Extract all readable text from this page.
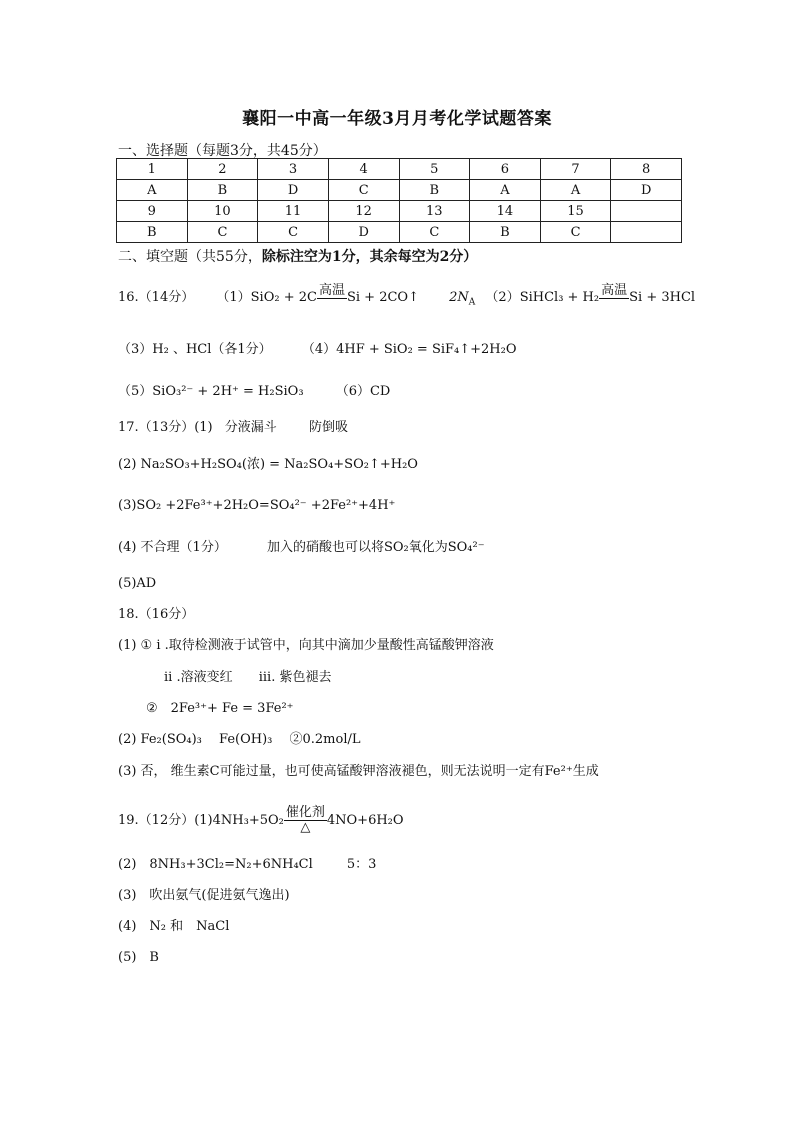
襄阳一中高一年级3月月考化学试题答案
一、选择题（每题3分，共45分）
1	2	3	4	5	6	7	8
A	B	D	C	B	A	A	D
9	10	11	12	13	14	15	
B	C	C	D	C	B	C	
二、填空题（共55分，除标注空为1分，其余每空为2分）
16.（14分） （1）SiO₂ + 2C 高温 Si + 2CO↑ $2N_A$ （2）SiHCl₃ + H₂ 高温 Si + 3HCl
（3）H₂ 、HCl（各1分） （4）4HF + SiO₂ = SiF₄↑+2H₂O
（5）SiO₃²⁻ + 2H⁺ = H₂SiO₃ （6）CD
17.（13分）(1) 分液漏斗 防倒吸
(2) Na₂SO₃+H₂SO₄(浓) = Na₂SO₄+SO₂↑+H₂O
(3)SO₂ +2Fe³⁺+2H₂O=SO₄²⁻ +2Fe²⁺+4H⁺
(4) 不合理（1分）	加入的硝酸也可以将SO₂氧化为SO₄²⁻
(5)AD
18.（16分）
(1) ① i .取待检测液于试管中，向其中滴加少量酸性高锰酸钾溶液
ii .溶液变红 iii. 紫色褪去
②　2Fe³⁺+ Fe = 3Fe²⁺
(2) Fe₂(SO₄)₃　 Fe(OH)₃　 ②0.2mol/L
(3) 否， 维生素C可能过量，也可使高锰酸钾溶液褪色，则无法说明一定有Fe²⁺生成
19.（12分）(1)4NH₃+5O₂
催化剂
△ 4NO+6H₂O
(2)　8NH₃+3Cl₂=N₂+6NH₄Cl	5：3
(3)　吹出氨气(促进氨气逸出)
(4)　N₂ 和　NaCl
(5)　B
